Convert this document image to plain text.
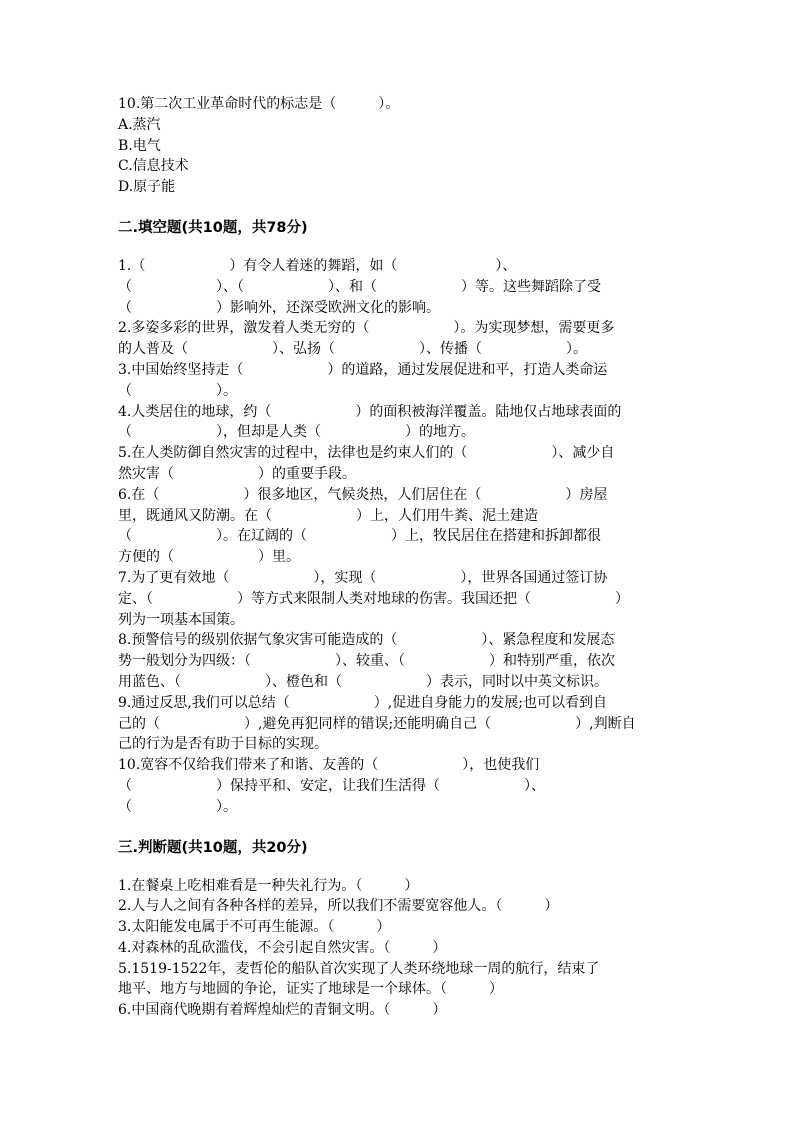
10.第二次工业革命时代的标志是（　　　）。
A.蒸汽
B.电气
C.信息技术
D.原子能
二.填空题(共10题，共78分)
1.（　　　　　　）有令人着迷的舞蹈，如（　　　　　　　）、
（　　　　　　）、（　　　　　　）、和（　　　　　　）等。这些舞蹈除了受
（　　　　　　）影响外，还深受欧洲文化的影响。
2.多姿多彩的世界，激发着人类无穷的（　　　　　　）。为实现梦想，需要更多
的人普及（　　　　　　）、弘扬（　　　　　　）、传播（　　　　　　）。
3.中国始终坚持走（　　　　　　）的道路，通过发展促进和平，打造人类命运
（　　　　　　）。
4.人类居住的地球，约（　　　　　　）的面积被海洋覆盖。陆地仅占地球表面的
（　　　　　　），但却是人类（　　　　　　）的地方。
5.在人类防御自然灾害的过程中，法律也是约束人们的（　　　　　　）、减少自
然灾害（　　　　　　）的重要手段。
6.在（　　　　　　）很多地区，气候炎热，人们居住在（　　　　　　）房屋
里，既通风又防潮。在（　　　　　　）上，人们用牛粪、泥土建造
（　　　　　　）。在辽阔的（　　　　　　）上，牧民居住在搭建和拆卸都很
方便的（　　　　　　）里。
7.为了更有效地（　　　　　　），实现（　　　　　　），世界各国通过签订协
定、（　　　　　　）等方式来限制人类对地球的伤害。我国还把（　　　　　　）
列为一项基本国策。
8.预警信号的级别依据气象灾害可能造成的（　　　　　　）、紧急程度和发展态
势一般划分为四级：（　　　　　　）、较重、（　　　　　　）和特别严重，依次
用蓝色、（　　　　　　）、橙色和（　　　　　　）表示，同时以中英文标识。
9.通过反思,我们可以总结（　　　　　　）,促进自身能力的发展;也可以看到自
己的（　　　　　　）,避免再犯同样的错误;还能明确自己（　　　　　　）,判断自
己的行为是否有助于目标的实现。
10.宽容不仅给我们带来了和谐、友善的（　　　　　　），也使我们
（　　　　　　）保持平和、安定，让我们生活得（　　　　　　）、
（　　　　　　）。
三.判断题(共10题，共20分)
1.在餐桌上吃相难看是一种失礼行为。（　　　）
2.人与人之间有各种各样的差异，所以我们不需要宽容他人。（　　　）
3.太阳能发电属于不可再生能源。（　　　）
4.对森林的乱砍滥伐，不会引起自然灾害。（　　　）
5.1519-1522年，麦哲伦的船队首次实现了人类环绕地球一周的航行，结束了
地平、地方与地圆的争论，证实了地球是一个球体。（　　　）
6.中国商代晚期有着辉煌灿烂的青铜文明。（　　　）
